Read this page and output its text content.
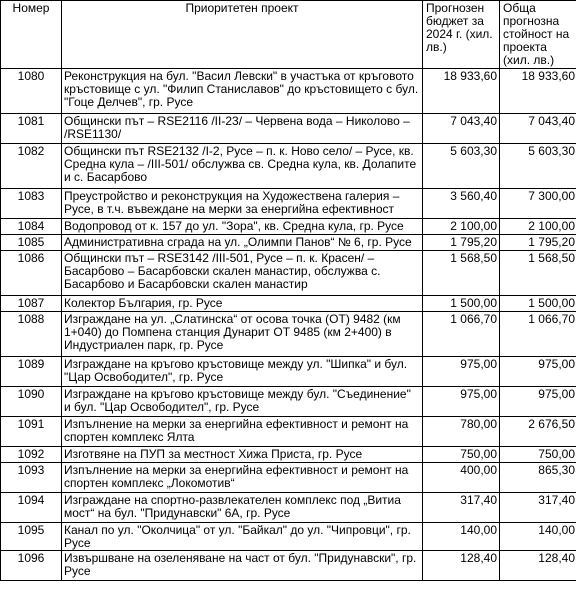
Номер	Приоритетен проект	Прогнозен бюджет за 2024 г. (хил. лв.)	Обща прогнозна стойност на проекта (хил. лв.)

1080	Реконструкция на бул. "Васил Левски" в участъка от кръговото кръстовище с ул. "Филип Станиславов" до кръстовището с бул. "Гоце Делчев", гр. Русе	18 933,60	18 933,60
1081	Общински път – RSE2116 /II-23/ – Червена вода – Николово – /RSE1130/	7 043,40	7 043,40
1082	Общински път RSE2132 /I-2, Русе – п. к. Ново село/ – Русе, кв. Средна кула – /III-501/ обслужва св. Средна кула, кв. Долапите и с. Басарбово	5 603,30	5 603,30
1083	Преустройство и реконструкция на Художествена галерия – Русе, в т.ч. въвеждане на мерки за енергийна ефективност	3 560,40	7 300,00
1084	Водопровод от к. 157 до ул. "Зора", кв. Средна кула, гр. Русе	2 100,00	2 100,00
1085	Административна сграда на ул. „Олимпи Панов“ № 6, гр. Русе	1 795,20	1 795,20
1086	Общински път – RSE3142 /III-501, Русе – п. к. Красен/ – Басарбово – Басарбовски скален манастир, обслужва с. Басарбово и Басарбовски скален манастир	1 568,50	1 568,50
1087	Колектор България, гр. Русе	1 500,00	1 500,00
1088	Изграждане на ул. „Слатинска“ от осова точка (ОТ) 9482 (км 1+040) до Помпена станция Дунарит ОТ 9485 (км 2+400) в Индустриален парк, гр. Русе	1 066,70	1 066,70
1089	Изграждане на кръгово кръстовище между ул. "Шипка" и бул. "Цар Освободител", гр. Русе	975,00	975,00
1090	Изграждане на кръгово кръстовище между бул. "Съединение" и бул. "Цар Освободител", гр. Русе	975,00	975,00
1091	Изпълнение на мерки за енергийна ефективност и ремонт на спортен комплекс Ялта	780,00	2 676,50
1092	Изготвяне на ПУП за местност Хижа Приста, гр. Русе	750,00	750,00
1093	Изпълнение на мерки за енергийна ефективност и ремонт на спортен комплекс „Локомотив“	400,00	865,30
1094	Изграждане на спортно-развлекателен комплекс под „Витиа мост“ на бул. "Придунавски" 6А, гр. Русе	317,40	317,40
1095	Канал по ул. "Околчица" от ул. "Байкал" до ул. "Чипровци", гр. Русе	140,00	140,00
1096	Извършване на озеленяване на част от бул. "Придунавски", гр. Русе	128,40	128,40
